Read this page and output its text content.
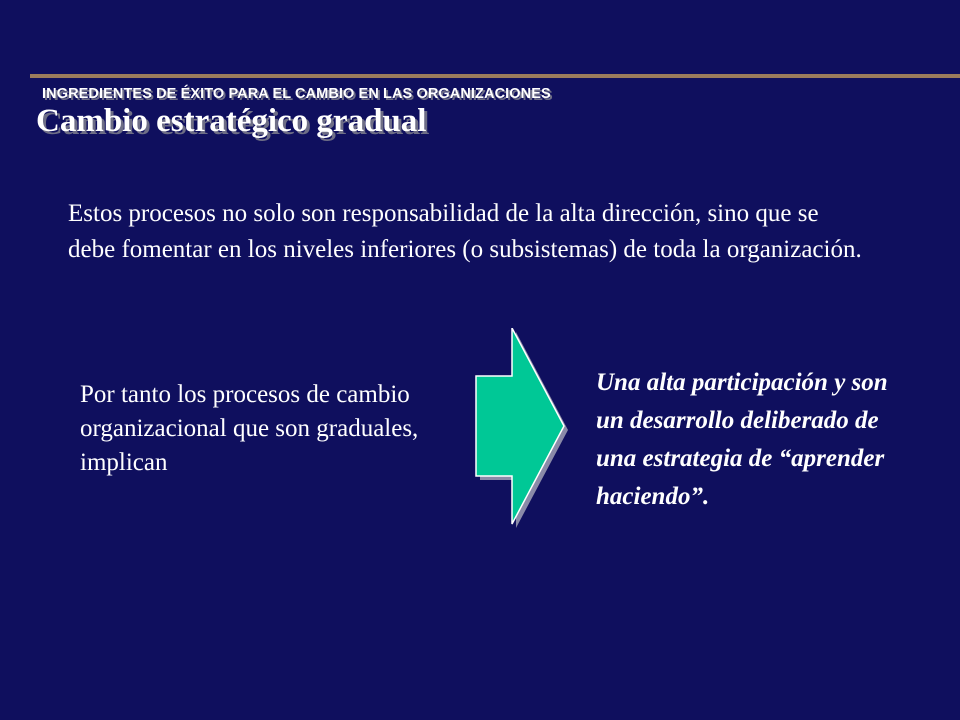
INGREDIENTES DE ÉXITO PARA EL CAMBIO EN LAS ORGANIZACIONES
Cambio estratégico gradual
Estos procesos no solo son responsabilidad de la alta dirección, sino que se debe fomentar en los niveles inferiores (o subsistemas) de toda la organización.
Por tanto los procesos de cambio organizacional que son graduales, implican
Una alta participación y son un desarrollo deliberado de una estrategia de “aprender haciendo”.
